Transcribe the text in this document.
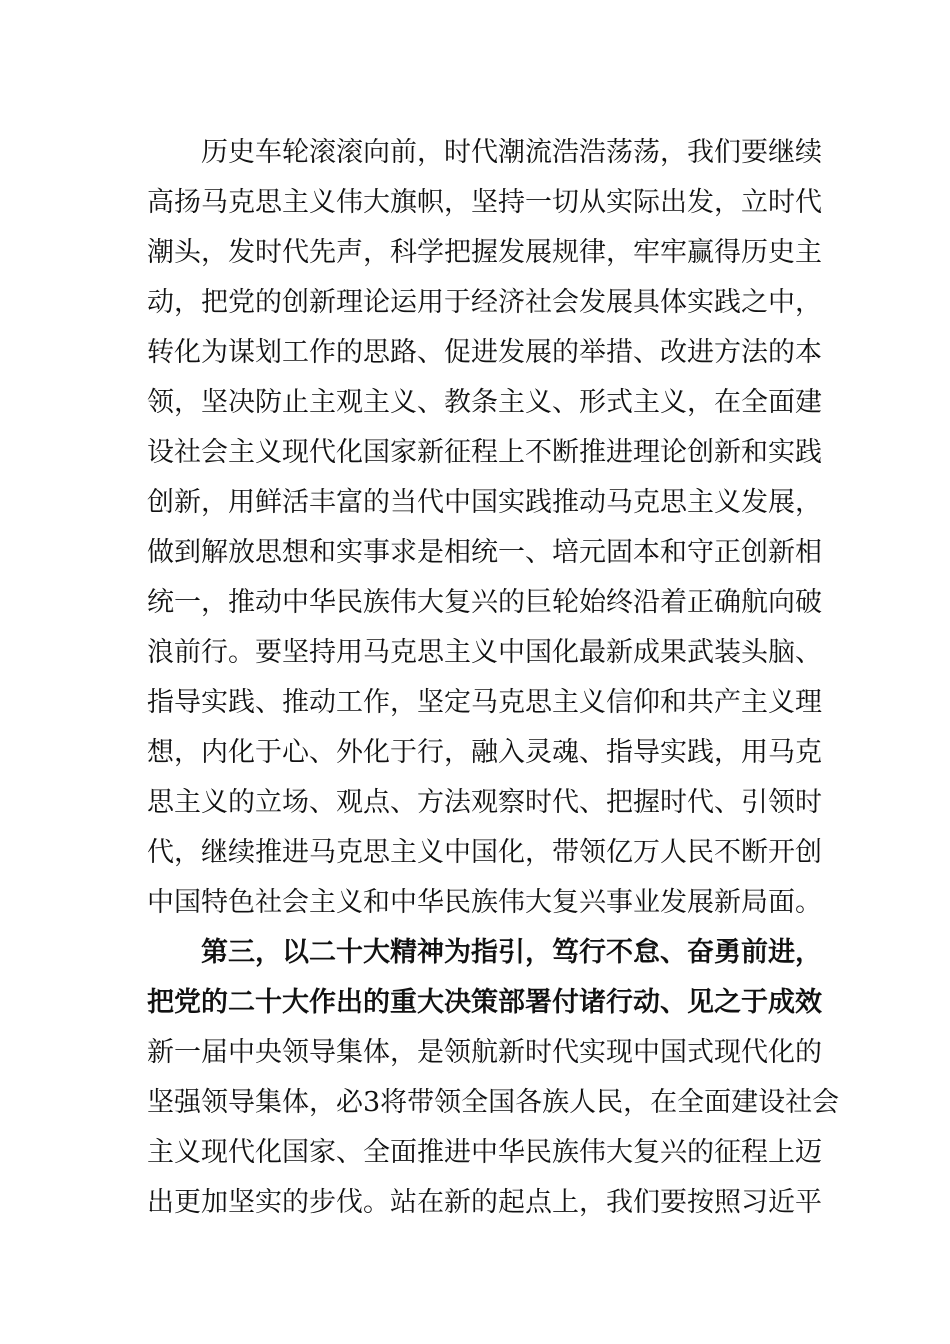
历史车轮滚滚向前，时代潮流浩浩荡荡，我们要继续
高扬马克思主义伟大旗帜，坚持一切从实际出发，立时代
潮头，发时代先声，科学把握发展规律，牢牢赢得历史主
动，把党的创新理论运用于经济社会发展具体实践之中，
转化为谋划工作的思路、促进发展的举措、改进方法的本
领，坚决防止主观主义、教条主义、形式主义，在全面建
设社会主义现代化国家新征程上不断推进理论创新和实践
创新，用鲜活丰富的当代中国实践推动马克思主义发展，
做到解放思想和实事求是相统一、培元固本和守正创新相
统一，推动中华民族伟大复兴的巨轮始终沿着正确航向破
浪前行。要坚持用马克思主义中国化最新成果武装头脑、
指导实践、推动工作，坚定马克思主义信仰和共产主义理
想，内化于心、外化于行，融入灵魂、指导实践，用马克
思主义的立场、观点、方法观察时代、把握时代、引领时
代，继续推进马克思主义中国化，带领亿万人民不断开创
中国特色社会主义和中华民族伟大复兴事业发展新局面。
第三，以二十大精神为指引，笃行不怠、奋勇前进，
把党的二十大作出的重大决策部署付诸行动、见之于成效
新一届中央领导集体，是领航新时代实现中国式现代化的
坚强领导集体，必3将带领全国各族人民，在全面建设社会
主义现代化国家、全面推进中华民族伟大复兴的征程上迈
出更加坚实的步伐。站在新的起点上，我们要按照习近平
